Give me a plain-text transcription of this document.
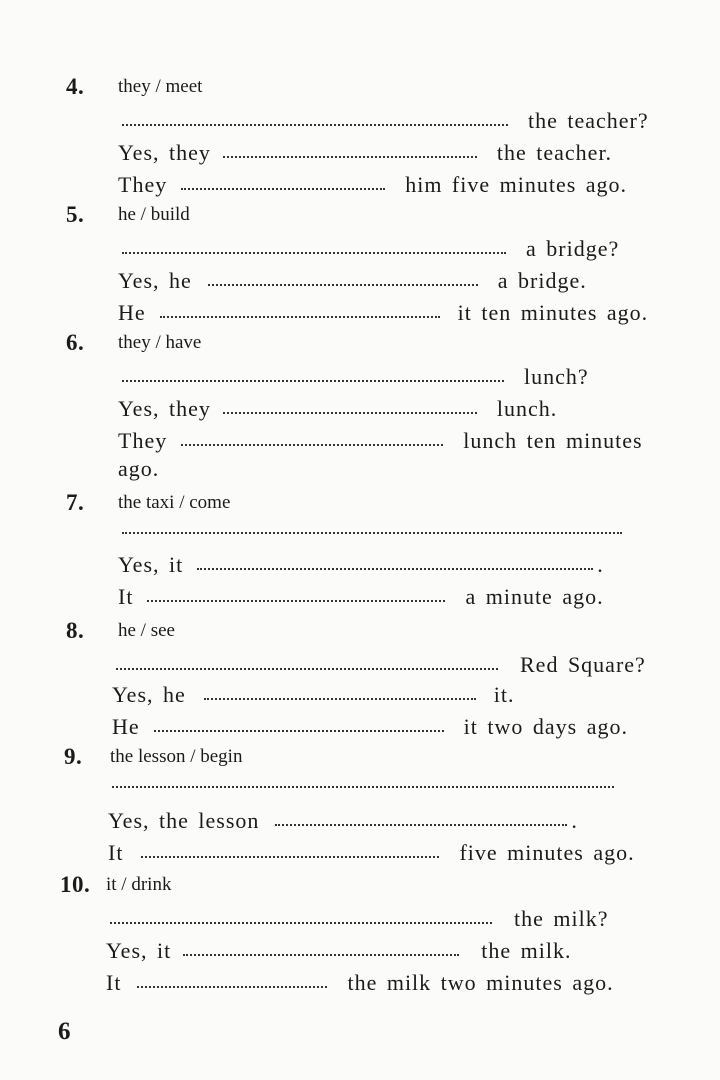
4. they / meet
the teacher?
Yes, they	the teacher.
They	him five minutes ago.
5. he / build
a bridge?
Yes, he	a bridge.
He	it ten minutes ago.
6. they / have
lunch?
Yes, they	lunch.
They	lunch ten minutes
ago.
7. the taxi / come
Yes, it	.
It	a minute ago.
8. he / see
Red Square?
Yes, he	it.
He	it two days ago.
9. the lesson / begin
Yes, the lesson	.
It	five minutes ago.
10. it / drink
the milk?
Yes, it	the milk.
It	the milk two minutes ago.
6
